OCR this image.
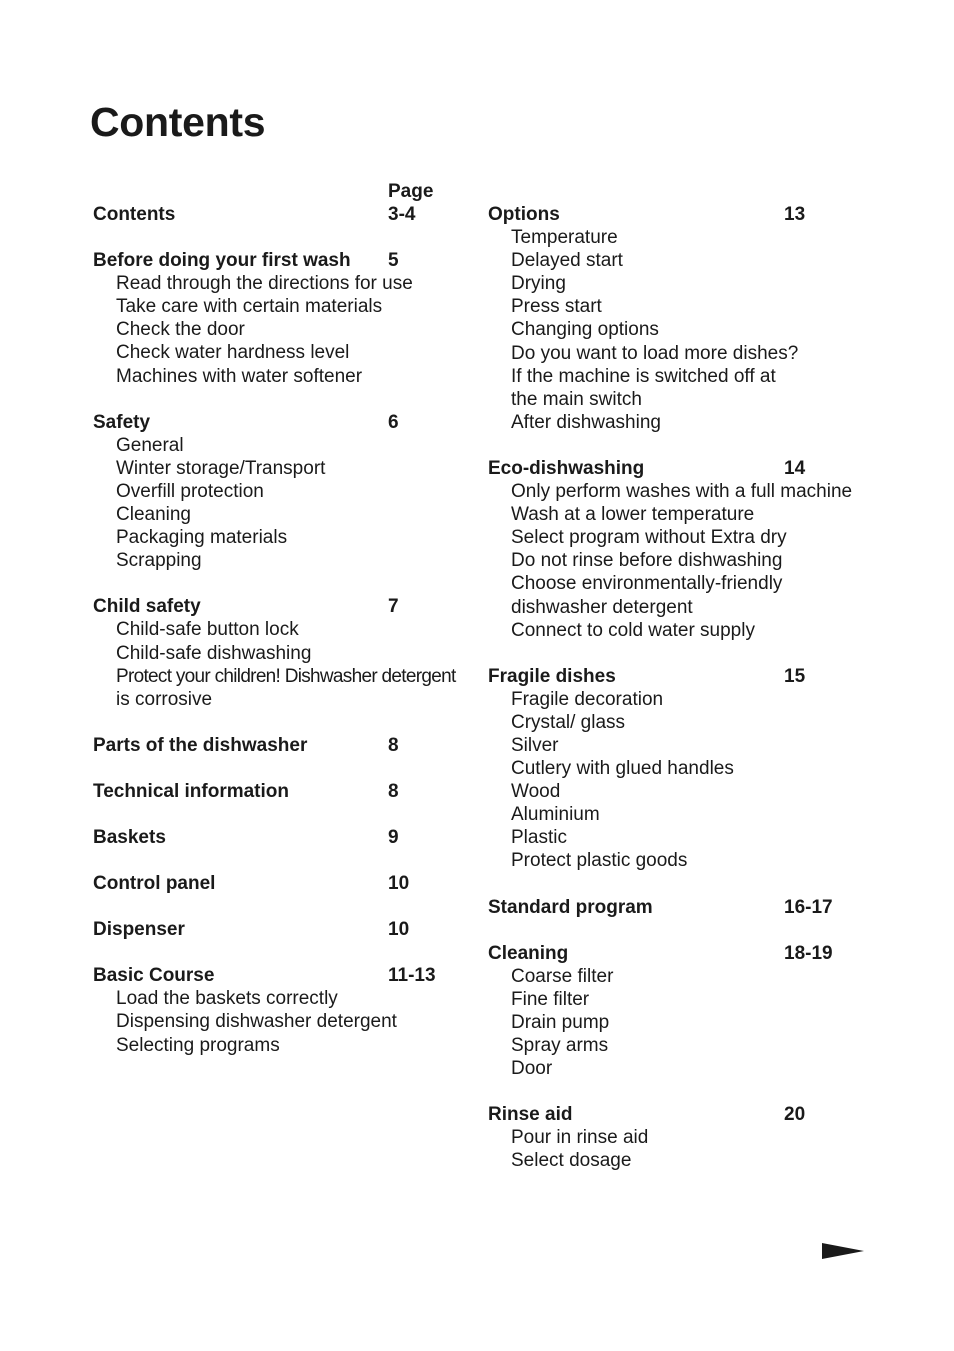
Contents
Page
Contents	3-4
Before doing your first wash 5
Read through the directions for use
Take care with certain materials
Check the door
Check water hardness level
Machines with water softener
Safety	6
General
Winter storage/Transport
Overfill protection
Cleaning
Packaging materials
Scrapping
Child safety	7
Child-safe button lock
Child-safe dishwashing
Protect your children! Dishwasher detergent
is corrosive
Parts of the dishwasher	8
Technical information	8
Baskets	9
Control panel	10
Dispenser	10
Basic Course	11-13
Load the baskets correctly
Dispensing dishwasher detergent
Selecting programs
Options	13
Temperature
Delayed start
Drying
Press start
Changing options
Do you want to load more dishes?
If the machine is switched off at
the main switch
After dishwashing
Eco-dishwashing	14
Only perform washes with a full machine
Wash at a lower temperature
Select program without Extra dry
Do not rinse before dishwashing
Choose environmentally-friendly
dishwasher detergent
Connect to cold water supply
Fragile dishes	15
Fragile decoration
Crystal/ glass
Silver
Cutlery with glued handles
Wood
Aluminium
Plastic
Protect plastic goods
Standard program	16-17
Cleaning	18-19
Coarse filter
Fine filter
Drain pump
Spray arms
Door
Rinse aid	20
Pour in rinse aid
Select dosage
